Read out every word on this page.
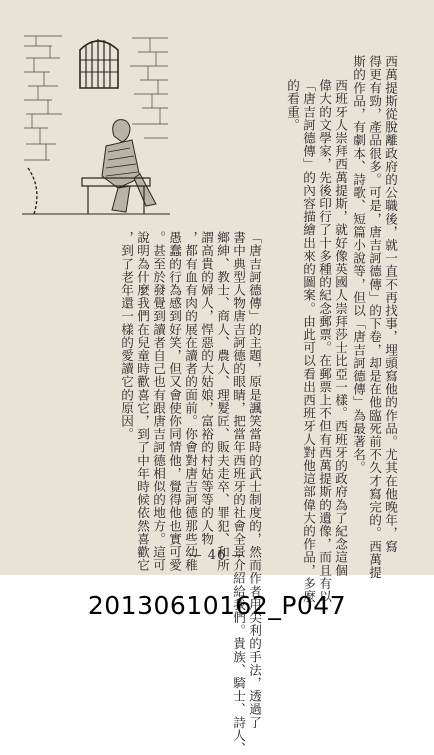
西萬提斯從脫離政府的公職後，就一直不再找事，埋頭寫他的作品。尤其在他晚年，寫
得更有勁，產品很多。可是，唐吉訶德傳」的下卷，却是在他臨死前不久才寫完的。西萬提
斯的作品，有劇本、詩歌、短篇小說等，但以「唐吉訶德傳」為最著名。
西班牙人崇拜西萬提斯，就好像英國人崇拜莎士比亞一樣。西班牙的政府為了紀念這個
偉大的文學家，先後印行了十多種的紀念郵票。在郵票上不但有西萬提斯的遺像，而且有以
「唐吉訶德傳」的內容描繪出來的圖案。由此可以看出西班牙人對他這部偉大的作品，多麼
的看重。
「唐吉訶德傳」的主題，原是諷笑當時的武士制度的，然而作者用尖利的手法，透過了
書中典型人物唐吉訶德的眼睛，把當年西班牙的社會全景介紹給我們。貴族、騎士、詩人、
鄉紳、教士、商人、農人、理髮匠、販夫走卒、罪犯、和所
謂高貴的婦人，悍惡的大姑娘，富裕的村姑等等的人物
，都有血有肉的展在讀者的面前。你會對唐吉訶德那些幼稚
愚蠢的行為感到好笑，但又會使你同情他，覺得他也實可愛
。甚至於發覺到讀者自己也有跟唐吉訶德相似的地方。這可
說明為什麼我們在兒童時歡喜它，到了中年時候依然喜歡它
，到了老年還一樣的愛讀它的原因。
— 46 —
20130610162_P047
